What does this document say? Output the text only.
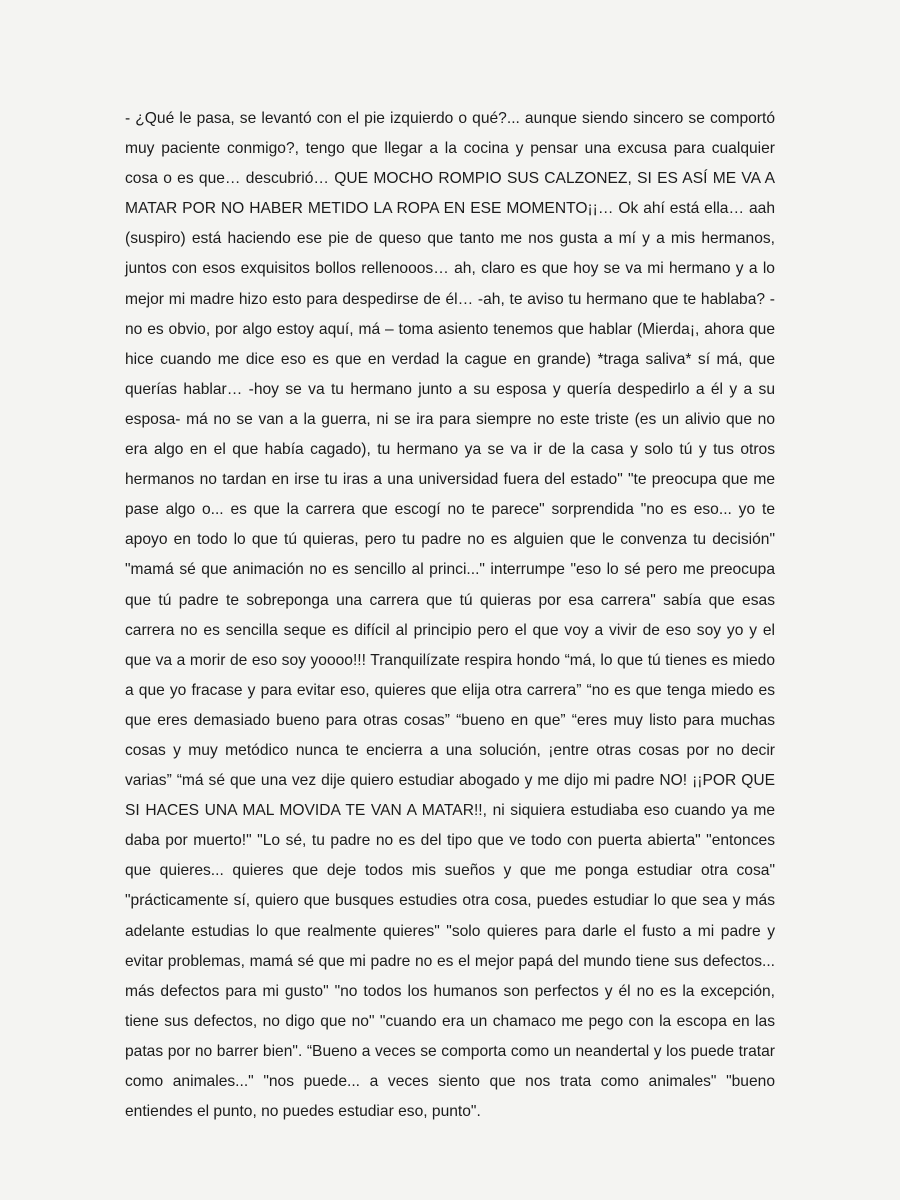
- ¿Qué le pasa, se levantó con el pie izquierdo o qué?... aunque siendo sincero se comportó muy paciente conmigo?, tengo que llegar a la cocina y pensar una excusa para cualquier cosa o es que… descubrió… QUE MOCHO ROMPIO SUS CALZONEZ, SI ES ASÍ ME VA A MATAR POR NO HABER METIDO LA ROPA EN ESE MOMENTO¡¡… Ok ahí está ella… aah (suspiro) está haciendo ese pie de queso que tanto me nos gusta a mí y a mis hermanos, juntos con esos exquisitos bollos rellenooos… ah, claro es que hoy se va mi hermano y a lo mejor mi madre hizo esto para despedirse de él… -ah, te aviso tu hermano que te hablaba? -no es obvio, por algo estoy aquí, má – toma asiento tenemos que hablar (Mierda¡, ahora que hice cuando me dice eso es que en verdad la cague en grande) *traga saliva* sí má, que querías hablar… -hoy se va tu hermano junto a su esposa y quería despedirlo a él y a su esposa- má no se van a la guerra, ni se ira para siempre no este triste (es un alivio que no era algo en el que había cagado), tu hermano ya se va ir de la casa y solo tú y tus otros hermanos no tardan en irse tu iras a una universidad fuera del estado" "te preocupa que me pase algo o... es que la carrera que escogí no te parece" sorprendida "no es eso... yo te apoyo en todo lo que tú quieras, pero tu padre no es alguien que le convenza tu decisión" "mamá sé que animación no es sencillo al princi..." interrumpe "eso lo sé pero me preocupa que tú padre te sobreponga una carrera que tú quieras por esa carrera" sabía que esas carrera no es sencilla seque es difícil al principio pero el que voy a vivir de eso soy yo y el que va a morir de eso soy yoooo!!! Tranquilízate respira hondo “má, lo que tú tienes es miedo a que yo fracase y para evitar eso, quieres que elija otra carrera” “no es que tenga miedo es que eres demasiado bueno para otras cosas” “bueno en que” “eres muy listo para muchas cosas y muy metódico nunca te encierra a una solución, ¡entre otras cosas por no decir varias” “má sé que una vez dije quiero estudiar abogado y me dijo mi padre NO! ¡¡POR QUE SI HACES UNA MAL MOVIDA TE VAN A MATAR!!, ni siquiera estudiaba eso cuando ya me daba por muerto!" "Lo sé, tu padre no es del tipo que ve todo con puerta abierta" "entonces que quieres... quieres que deje todos mis sueños y que me ponga estudiar otra cosa" "prácticamente sí, quiero que busques estudies otra cosa, puedes estudiar lo que sea y más adelante estudias lo que realmente quieres" "solo quieres para darle el fusto a mi padre y evitar problemas, mamá sé que mi padre no es el mejor papá del mundo tiene sus defectos... más defectos para mi gusto" "no todos los humanos son perfectos y él no es la excepción, tiene sus defectos, no digo que no" "cuando era un chamaco me pego con la escopa en las patas por no barrer bien". “Bueno a veces se comporta como un neandertal y los puede tratar como animales..." "nos puede... a veces siento que nos trata como animales" "bueno entiendes el punto, no puedes estudiar eso, punto".
